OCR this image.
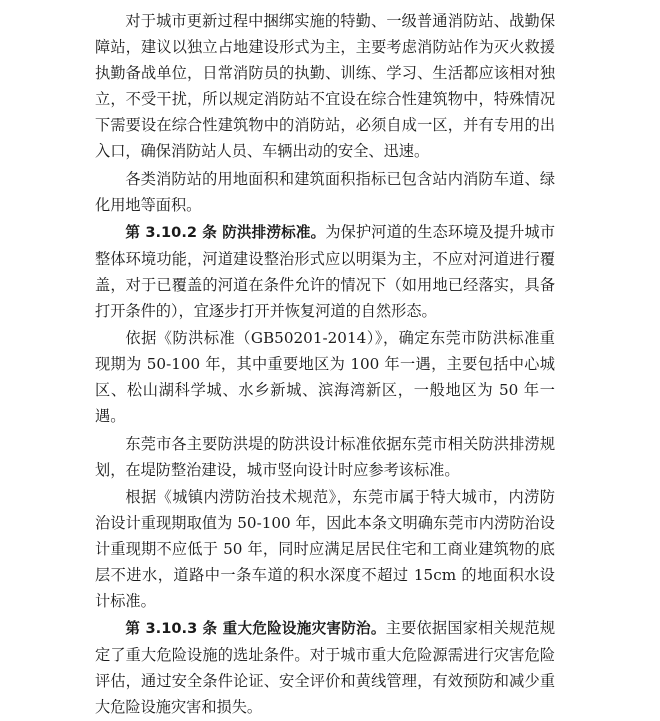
对于城市更新过程中捆绑实施的特勤、一级普通消防站、战勤保障站，建议以独立占地建设形式为主，主要考虑消防站作为灭火救援执勤备战单位，日常消防员的执勤、训练、学习、生活都应该相对独立，不受干扰，所以规定消防站不宜设在综合性建筑物中，特殊情况下需要设在综合性建筑物中的消防站，必须自成一区，并有专用的出入口，确保消防站人员、车辆出动的安全、迅速。

各类消防站的用地面积和建筑面积指标已包含站内消防车道、绿化用地等面积。

第 3.10.2 条 防洪排涝标准。为保护河道的生态环境及提升城市整体环境功能，河道建设整治形式应以明渠为主，不应对河道进行覆盖，对于已覆盖的河道在条件允许的情况下（如用地已经落实，具备打开条件的），宜逐步打开并恢复河道的自然形态。

依据《防洪标准（GB50201-2014）》，确定东莞市防洪标准重现期为 50-100 年，其中重要地区为 100 年一遇，主要包括中心城区、松山湖科学城、水乡新城、滨海湾新区，一般地区为 50 年一遇。

东莞市各主要防洪堤的防洪设计标准依据东莞市相关防洪排涝规划，在堤防整治建设，城市竖向设计时应参考该标准。

根据《城镇内涝防治技术规范》，东莞市属于特大城市，内涝防治设计重现期取值为 50-100 年，因此本条文明确东莞市内涝防治设计重现期不应低于 50 年，同时应满足居民住宅和工商业建筑物的底层不进水，道路中一条车道的积水深度不超过 15cm 的地面积水设计标准。

第 3.10.3 条 重大危险设施灾害防治。主要依据国家相关规范规定了重大危险设施的选址条件。对于城市重大危险源需进行灾害危险评估，通过安全条件论证、安全评价和黄线管理，有效预防和减少重大危险设施灾害和损失。
